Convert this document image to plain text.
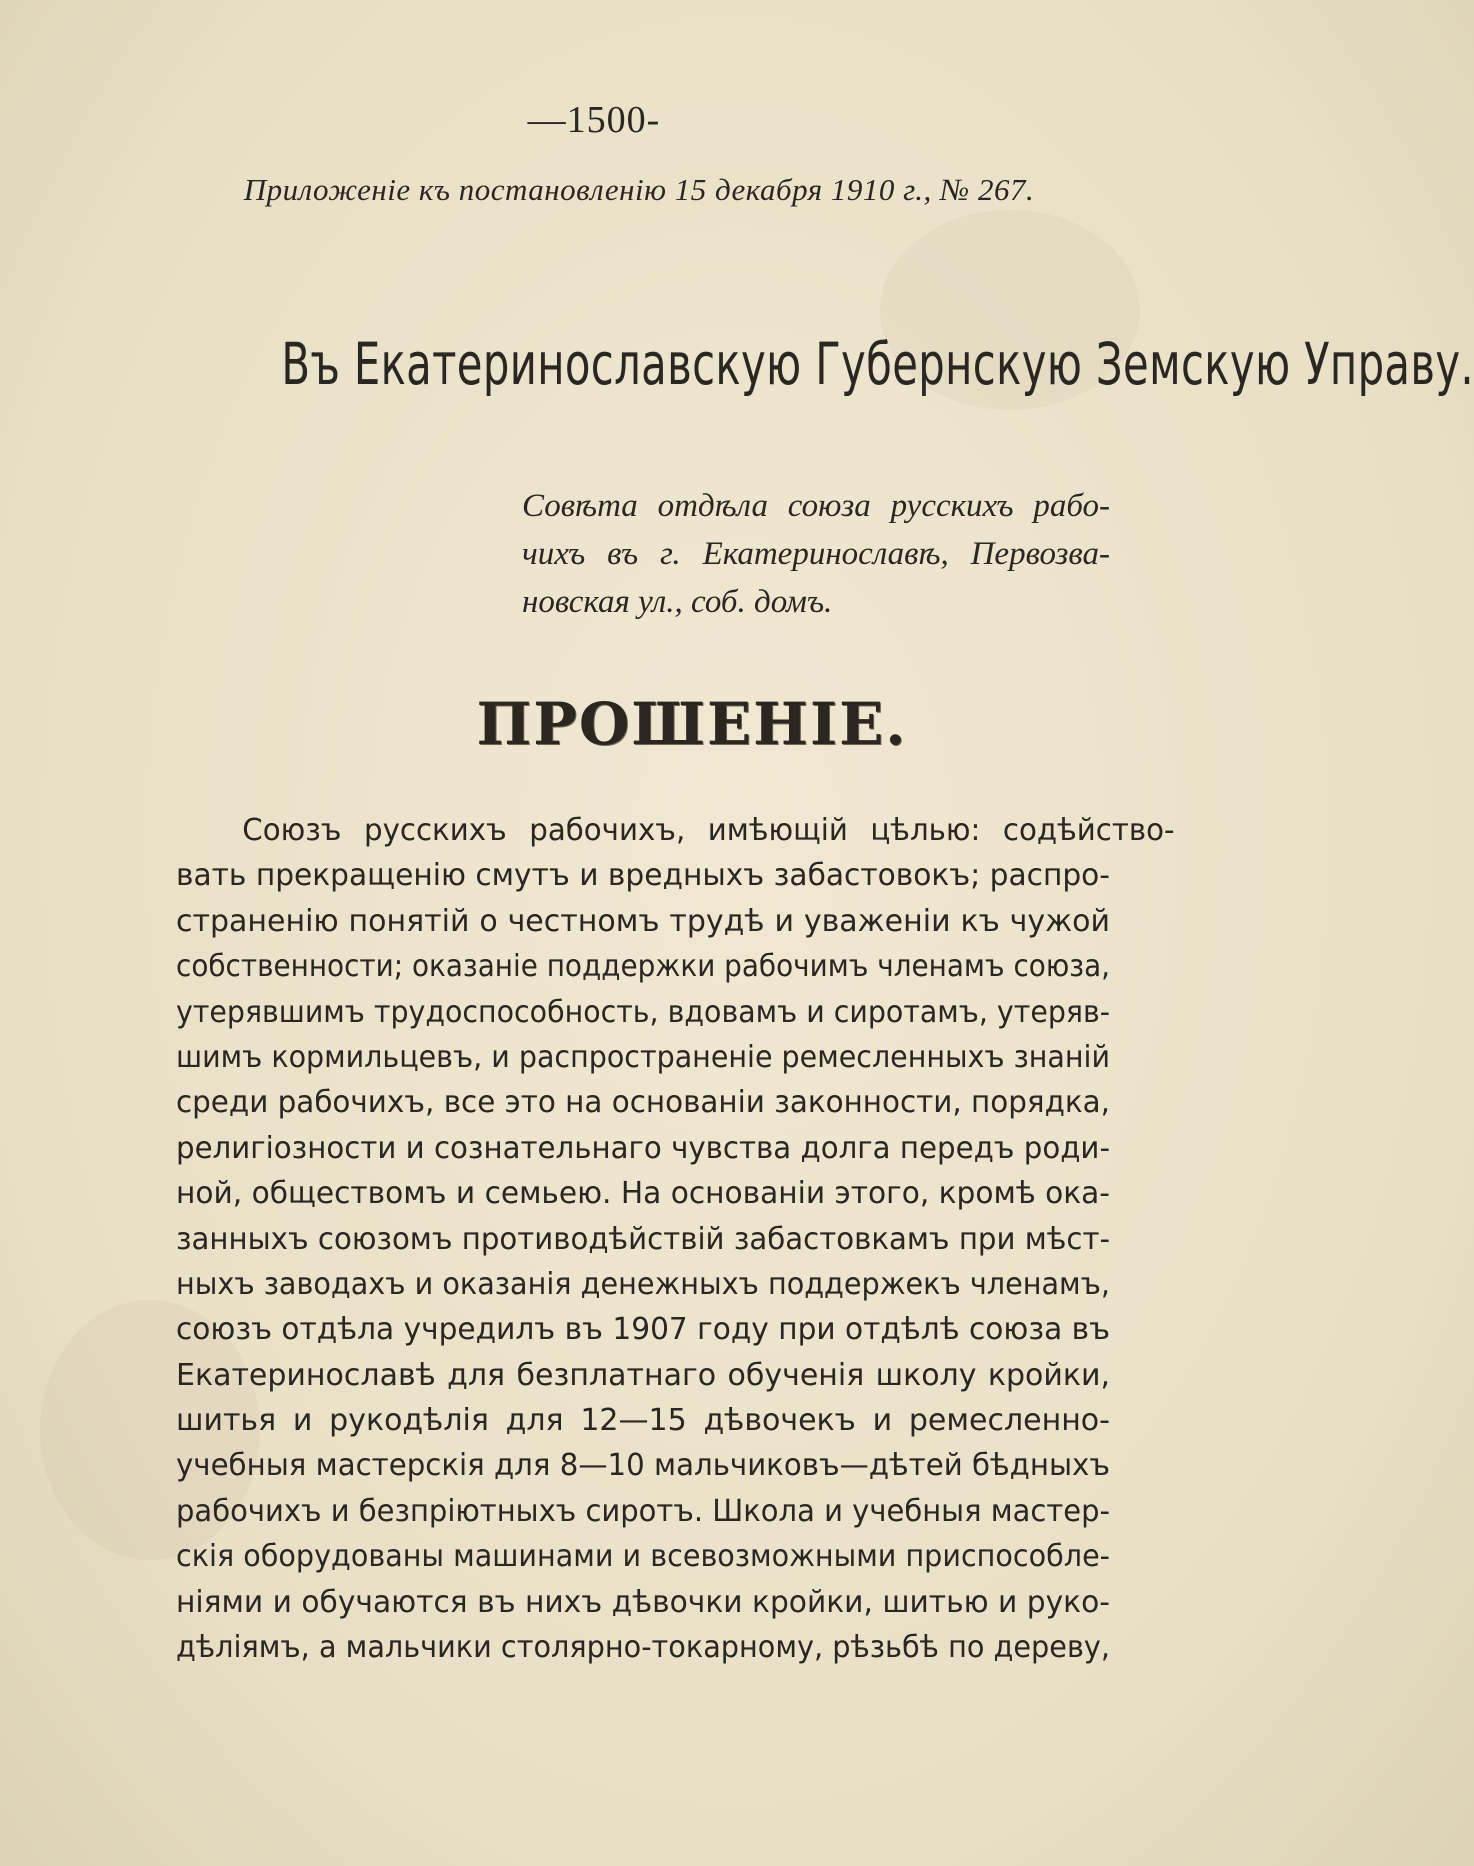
—1500-
Приложеніе къ постановленію 15 декабря 1910 г., № 267.
Въ Екатеринославскую Губернскую Земскую Управу.
Совѣта отдѣла союза русскихъ рабо-
чихъ въ г. Екатеринославѣ, Первозва-
новская ул., соб. домъ.
ПРОШЕНІЕ.
Союзъ русскихъ рабочихъ, имѣющій цѣлью: содѣйство-
вать прекращенію смутъ и вредныхъ забастовокъ; распро-
страненію понятій о честномъ трудѣ и уваженіи къ чужой
собственности; оказаніе поддержки рабочимъ членамъ союза,
утерявшимъ трудоспособность, вдовамъ и сиротамъ, утеряв-
шимъ кормильцевъ, и распространеніе ремесленныхъ знаній
среди рабочихъ, все это на основаніи законности, порядка,
религіозности и сознательнаго чувства долга передъ роди-
ной, обществомъ и семьею. На основаніи этого, кромѣ ока-
занныхъ союзомъ противодѣйствій забастовкамъ при мѣст-
ныхъ заводахъ и оказанія денежныхъ поддержекъ членамъ,
союзъ отдѣла учредилъ въ 1907 году при отдѣлѣ союза въ
Екатеринославѣ для безплатнаго обученія школу кройки,
шитья и рукодѣлія для 12—15 дѣвочекъ и ремесленно-
учебныя мастерскія для 8—10 мальчиковъ—дѣтей бѣдныхъ
рабочихъ и безпріютныхъ сиротъ. Школа и учебныя мастер-
скія оборудованы машинами и всевозможными приспособле-
ніями и обучаются въ нихъ дѣвочки кройки, шитью и руко-
дѣліямъ, а мальчики столярно-токарному, рѣзьбѣ по дереву,
